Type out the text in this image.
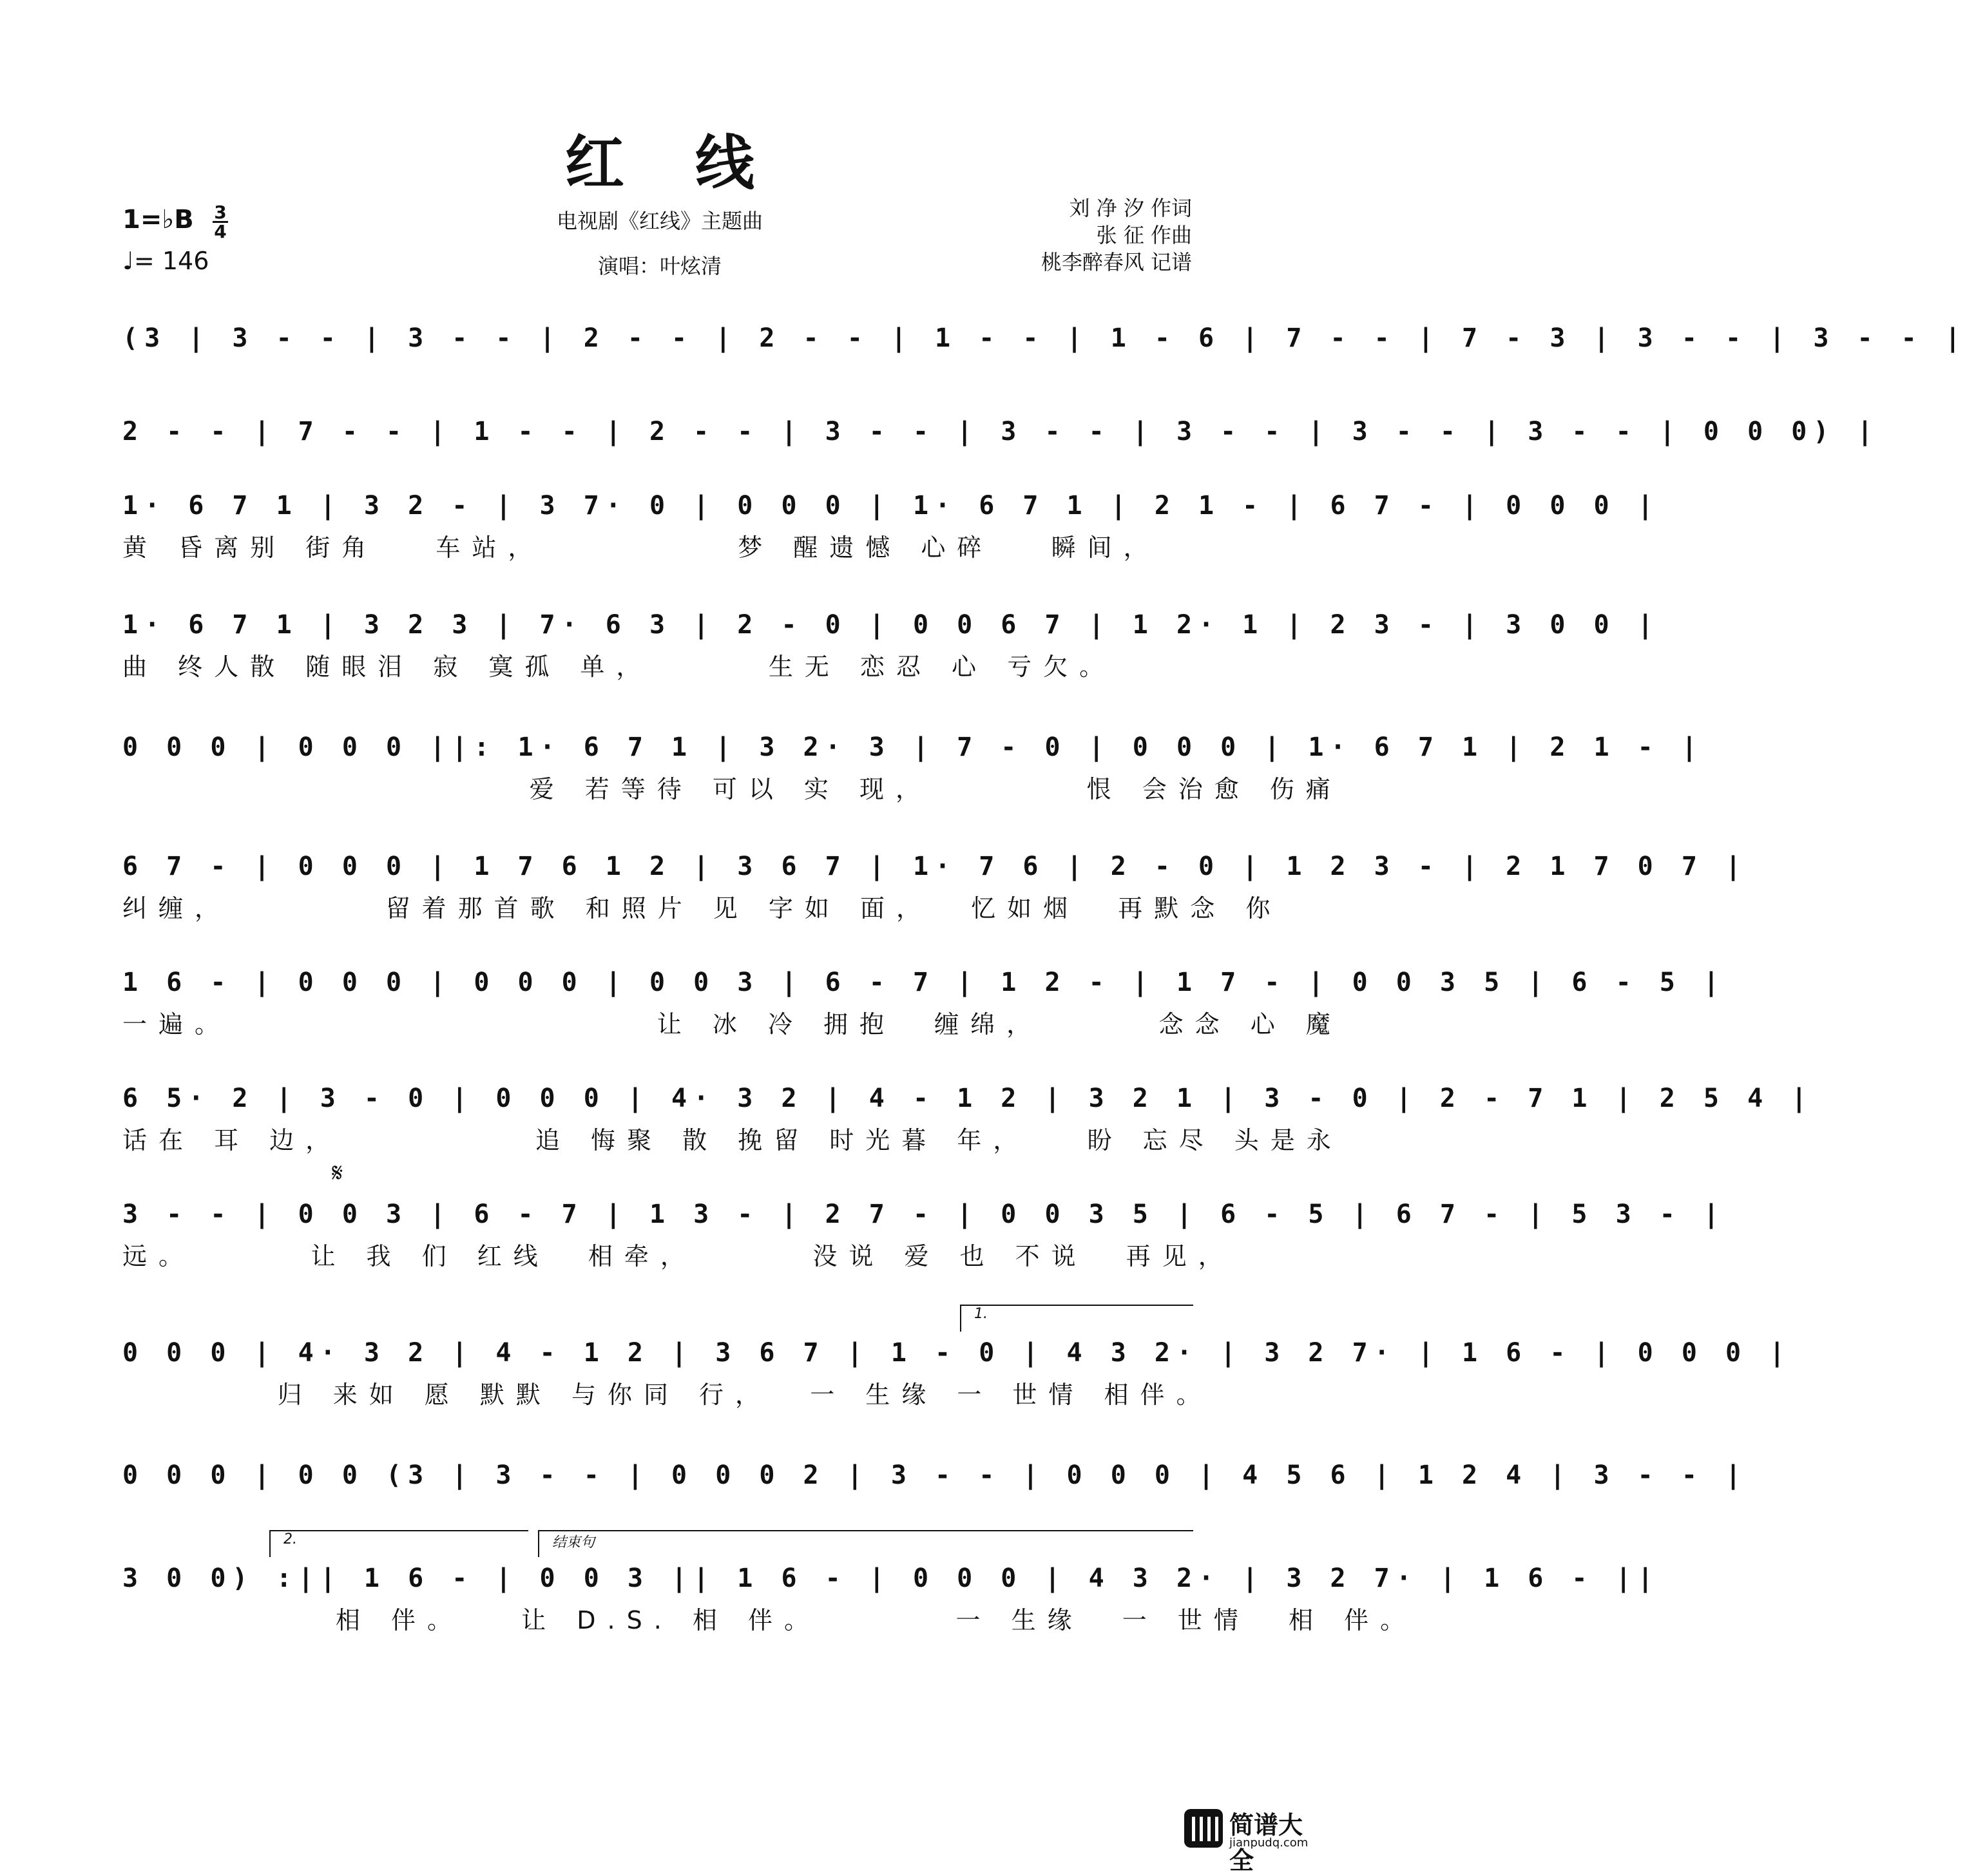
红线
电视剧《红线》主题曲
演唱：叶炫清
1=♭B 3
4
♩= 146
刘 净 汐 作词
张 征 作曲
桃李醉春风 记谱
(3 | 3 - - | 3 - - | 2 - - | 2 - - | 1 - - | 1 - 6 | 7 - - | 7 - 3 | 3 - - | 3 - - |
2 - - | 7 - - | 1 - - | 2 - - | 3 - - | 3 - - | 3 - - | 3 - - | 3 - - | 0 0 0) |
1· 6 7 1 | 3 2 - | 3 7· 0 | 0 0 0 | 1· 6 7 1 | 2 1 - | 6 7 - | 0 0 0 |
黄 昏离别 街角   车站，          梦 醒遗憾 心碎   瞬间，
1· 6 7 1 | 3 2 3 | 7· 6 3 | 2 - 0 | 0 0 6 7 | 1 2· 1 | 2 3 - | 3 0 0 |
曲 终人散 随眼泪 寂 寞孤 单，      生无 恋忍 心 亏欠。
0 0 0 | 0 0 0 ||: 1· 6 7 1 | 3 2· 3 | 7 - 0 | 0 0 0 | 1· 6 7 1 | 2 1 - |
爱 若等待 可以 实 现，        恨 会治愈 伤痛
6 7 - | 0 0 0 | 1 7 6 1 2 | 3 6 7 | 1· 7 6 | 2 - 0 | 1 2 3 - | 2 1 7 0 7 |
纠缠，        留着那首歌 和照片 见 字如 面，  忆如烟  再默念 你
1 6 - | 0 0 0 | 0 0 0 | 0 0 3 | 6 - 7 | 1 2 - | 1 7 - | 0 0 3 5 | 6 - 5 |
一遍。                      让 冰 冷 拥抱  缠绵，      念念 心 魔
6 5· 2 | 3 - 0 | 0 0 0 | 4· 3 2 | 4 - 1 2 | 3 2 1 | 3 - 0 | 2 - 7 1 | 2 5 4 |
话在 耳 边，          追 悔聚 散 挽留 时光暮 年，   盼 忘尽 头是永
𝄋
3 - - | 0 0 3 | 6 - 7 | 1 3 - | 2 7 - | 0 0 3 5 | 6 - 5 | 6 7 - | 5 3 - |
远。      让 我 们 红线  相牵，      没说 爱 也 不说  再见，
1.
0 0 0 | 4· 3 2 | 4 - 1 2 | 3 6 7 | 1 - 0 | 4 3 2· | 3 2 7· | 1 6 - | 0 0 0 |
归 来如 愿 默默 与你同 行，  一 生缘 一 世情 相伴。
0 0 0 | 0 0 (3 | 3 - - | 0 0 0 2 | 3 - - | 0 0 0 | 4 5 6 | 1 2 4 | 3 - - |
2.	结束句
3 0 0) :|| 1 6 - | 0 0 3 || 1 6 - | 0 0 0 | 4 3 2· | 3 2 7· | 1 6 - ||
相 伴。   让 D.S. 相 伴。       一 生缘  一 世情  相 伴。
简谱大全
jianpudq.com
